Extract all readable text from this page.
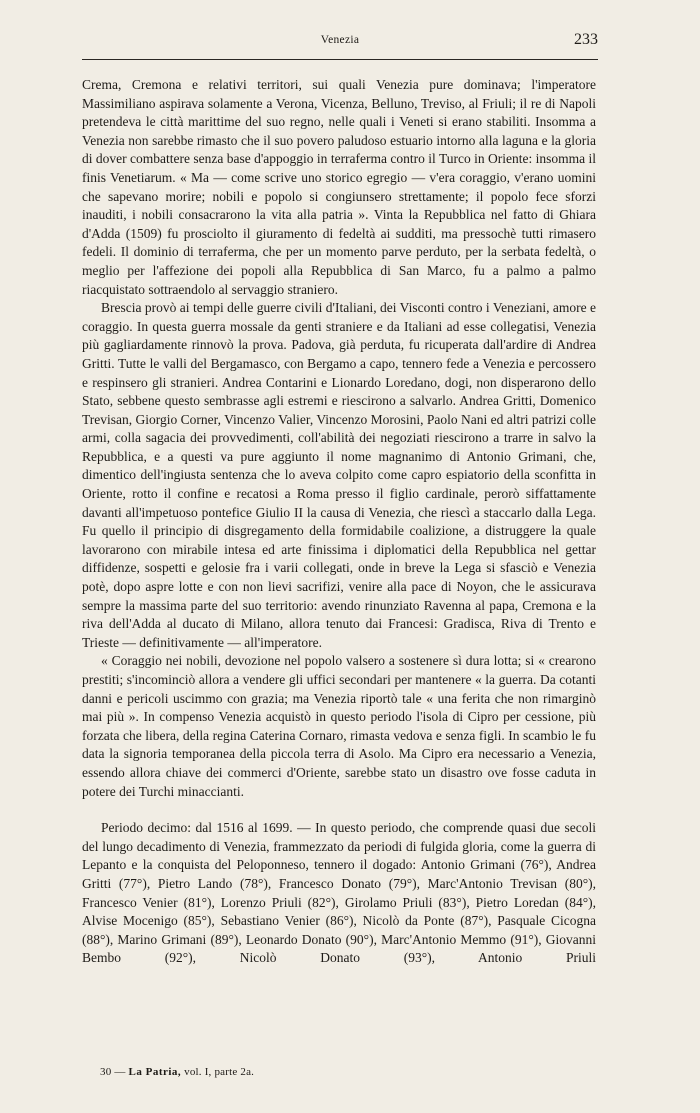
Venezia	233

Crema, Cremona e relativi territori, sui quali Venezia pure dominava; l'imperatore Massimiliano aspirava solamente a Verona, Vicenza, Belluno, Treviso, al Friuli; il re di Napoli pretendeva le città marittime del suo regno, nelle quali i Veneti si erano stabiliti. Insomma a Venezia non sarebbe rimasto che il suo povero paludoso estuario intorno alla laguna e la gloria di dover combattere senza base d'appoggio in terraferma contro il Turco in Oriente: insomma il finis Venetiarum. « Ma — come scrive uno storico egregio — v'era coraggio, v'erano uomini che sapevano morire; nobili e popolo si congiunsero strettamente; il popolo fece sforzi inauditi, i nobili consacrarono la vita alla patria ». Vinta la Repubblica nel fatto di Ghiara d'Adda (1509) fu prosciolto il giuramento di fedeltà ai sudditi, ma pressochè tutti rimasero fedeli. Il dominio di terraferma, che per un momento parve perduto, per la serbata fedeltà, o meglio per l'affezione dei popoli alla Repubblica di San Marco, fu a palmo a palmo riacquistato sottraendolo al servaggio straniero.

Brescia provò ai tempi delle guerre civili d'Italiani, dei Visconti contro i Veneziani, amore e coraggio. In questa guerra mossale da genti straniere e da Italiani ad esse collegatisi, Venezia più gagliardamente rinnovò la prova. Padova, già perduta, fu ricuperata dall'ardire di Andrea Gritti. Tutte le valli del Bergamasco, con Bergamo a capo, tennero fede a Venezia e percossero e respinsero gli stranieri. Andrea Contarini e Lionardo Loredano, dogi, non disperarono dello Stato, sebbene questo sembrasse agli estremi e riescirono a salvarlo. Andrea Gritti, Domenico Trevisan, Giorgio Corner, Vincenzo Valier, Vincenzo Morosini, Paolo Nani ed altri patrizi colle armi, colla sagacia dei provvedimenti, coll'abilità dei negoziati riescirono a trarre in salvo la Repubblica, e a questi va pure aggiunto il nome magnanimo di Antonio Grimani, che, dimentico dell'ingiusta sentenza che lo aveva colpito come capro espiatorio della sconfitta in Oriente, rotto il confine e recatosi a Roma presso il figlio cardinale, perorò siffattamente davanti all'impetuoso pontefice Giulio II la causa di Venezia, che riescì a staccarlo dalla Lega. Fu quello il principio di disgregamento della formidabile coalizione, a distruggere la quale lavorarono con mirabile intesa ed arte finissima i diplomatici della Repubblica nel gettar diffidenze, sospetti e gelosie fra i varii collegati, onde in breve la Lega si sfasciò e Venezia potè, dopo aspre lotte e con non lievi sacrifizi, venire alla pace di Noyon, che le assicurava sempre la massima parte del suo territorio: avendo rinunziato Ravenna al papa, Cremona e la riva dell'Adda al ducato di Milano, allora tenuto dai Francesi: Gradisca, Riva di Trento e Trieste — definitivamente — all'imperatore.

« Coraggio nei nobili, devozione nel popolo valsero a sostenere sì dura lotta; si « crearono prestiti; s'incominciò allora a vendere gli uffici secondari per mantenere « la guerra. Da cotanti danni e pericoli uscimmo con grazia; ma Venezia riportò tale « una ferita che non rimarginò mai più ». In compenso Venezia acquistò in questo periodo l'isola di Cipro per cessione, più forzata che libera, della regina Caterina Cornaro, rimasta vedova e senza figli. In scambio le fu data la signoria temporanea della piccola terra di Asolo. Ma Cipro era necessario a Venezia, essendo allora chiave dei commerci d'Oriente, sarebbe stato un disastro ove fosse caduta in potere dei Turchi minaccianti.

Periodo decimo: dal 1516 al 1699. — In questo periodo, che comprende quasi due secoli del lungo decadimento di Venezia, frammezzato da periodi di fulgida gloria, come la guerra di Lepanto e la conquista del Peloponneso, tennero il dogado: Antonio Grimani (76°), Andrea Gritti (77°), Pietro Lando (78°), Francesco Donato (79°), Marc'Antonio Trevisan (80°), Francesco Venier (81°), Lorenzo Priuli (82°), Girolamo Priuli (83°), Pietro Loredan (84°), Alvise Mocenigo (85°), Sebastiano Venier (86°), Nicolò da Ponte (87°), Pasquale Cicogna (88°), Marino Grimani (89°), Leonardo Donato (90°), Marc'Antonio Memmo (91°), Giovanni Bembo (92°), Nicolò Donato (93°), Antonio Priuli

30 — La Patria, vol. I, parte 2a.
